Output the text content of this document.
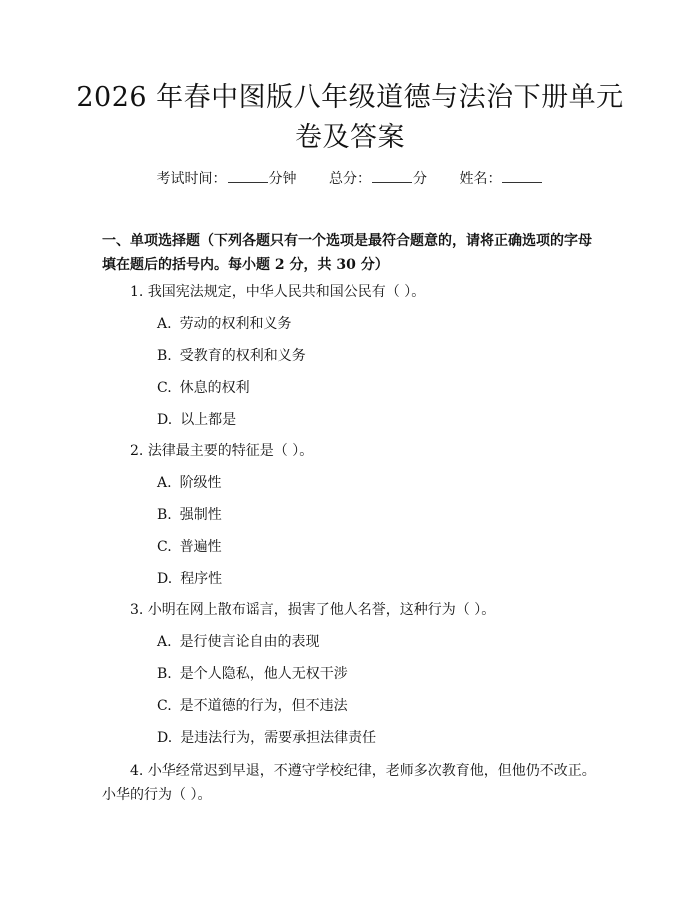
2026 年春中图版八年级道德与法治下册单元
卷及答案
考试时间：	分钟 总分：	分 姓名：
一、单项选择题（下列各题只有一个选项是最符合题意的，请将正确选项的字母填在题后的括号内。每小题 2 分，共 30 分）
1. 我国宪法规定，中华人民共和国公民有（ ）。
A. 劳动的权利和义务
B. 受教育的权利和义务
C. 休息的权利
D. 以上都是
2. 法律最主要的特征是（ ）。
A. 阶级性
B. 强制性
C. 普遍性
D. 程序性
3. 小明在网上散布谣言，损害了他人名誉，这种行为（ ）。
A. 是行使言论自由的表现
B. 是个人隐私，他人无权干涉
C. 是不道德的行为，但不违法
D. 是违法行为，需要承担法律责任
4. 小华经常迟到早退，不遵守学校纪律，老师多次教育他，但他仍不改正。小华的行为（ ）。
